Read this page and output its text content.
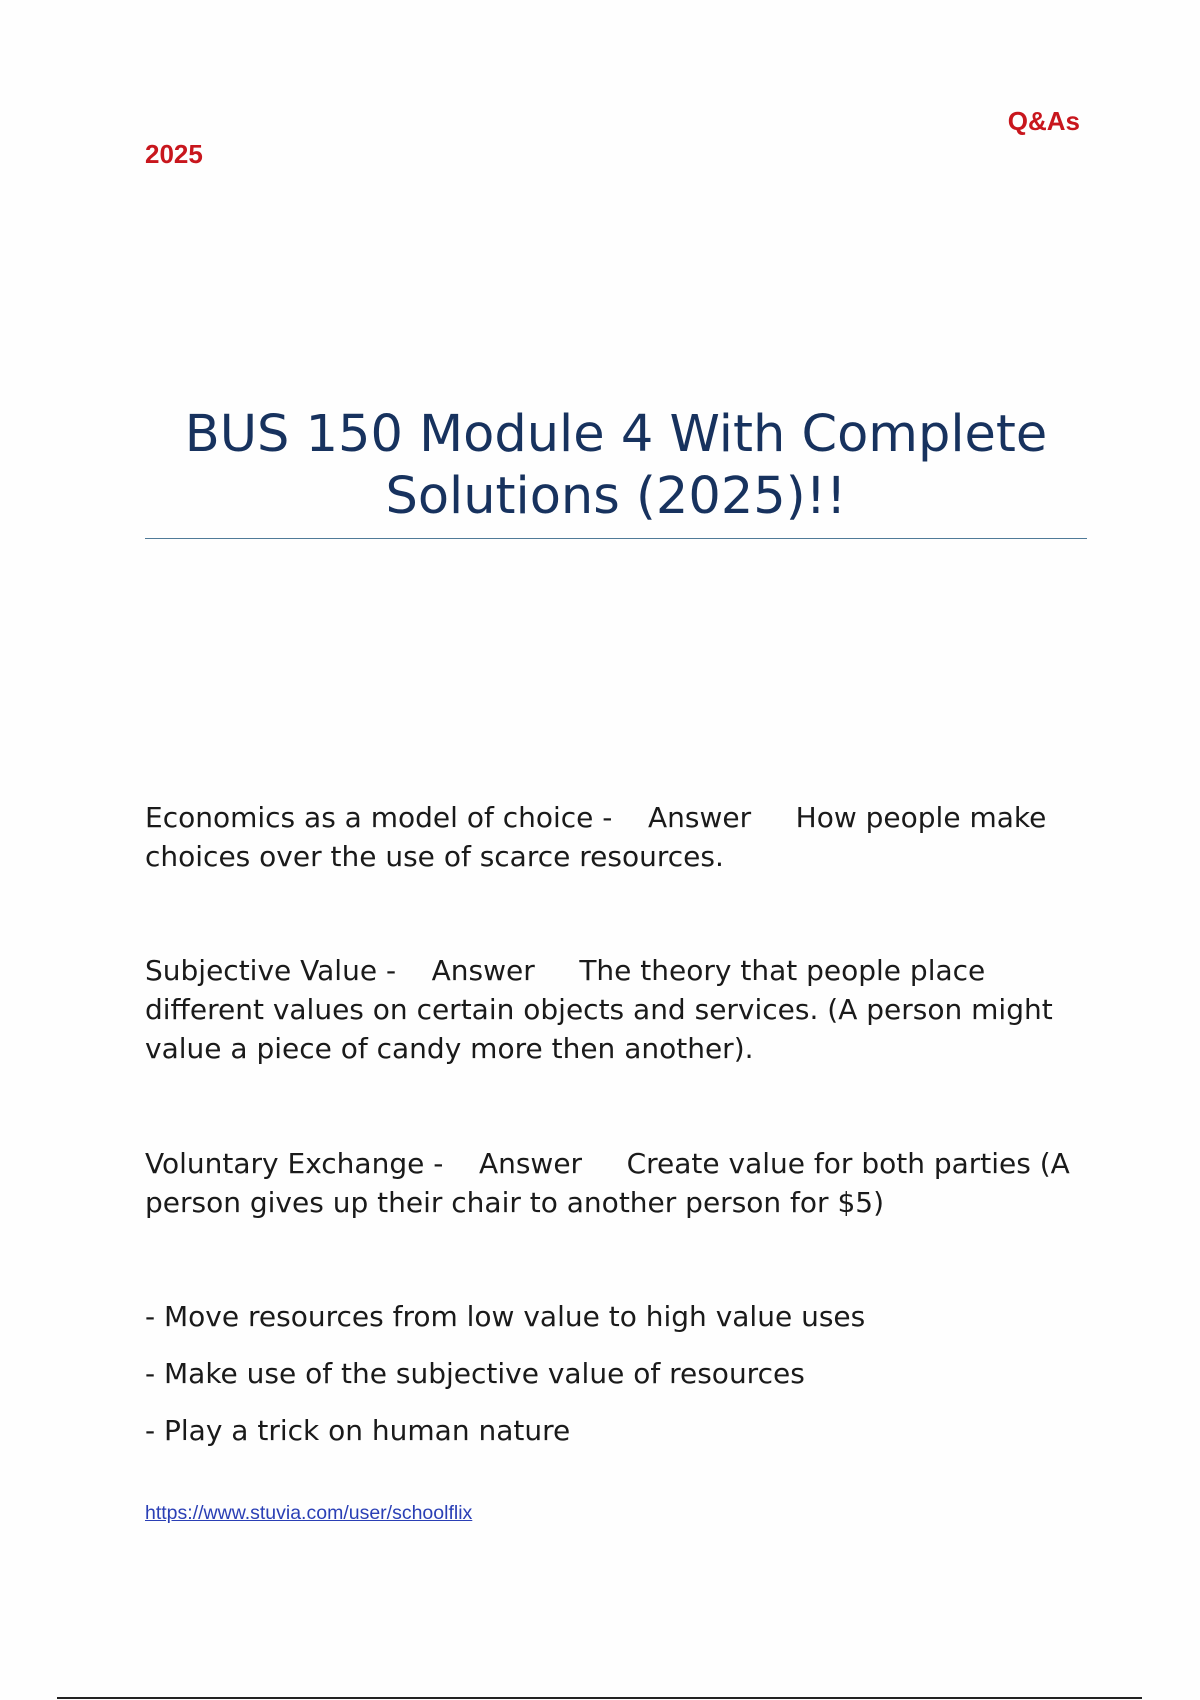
Q&As
2025
BUS 150 Module 4 With Complete Solutions (2025)!!

Economics as a model of choice - Answer How people make choices over the use of scarce resources.

Subjective Value - Answer The theory that people place different values on certain objects and services. (A person might value a piece of candy more then another).

Voluntary Exchange - Answer Create value for both parties (A person gives up their chair to another person for $5)

- Move resources from low value to high value uses
- Make use of the subjective value of resources
- Play a trick on human nature
https://www.stuvia.com/user/schoolflix
